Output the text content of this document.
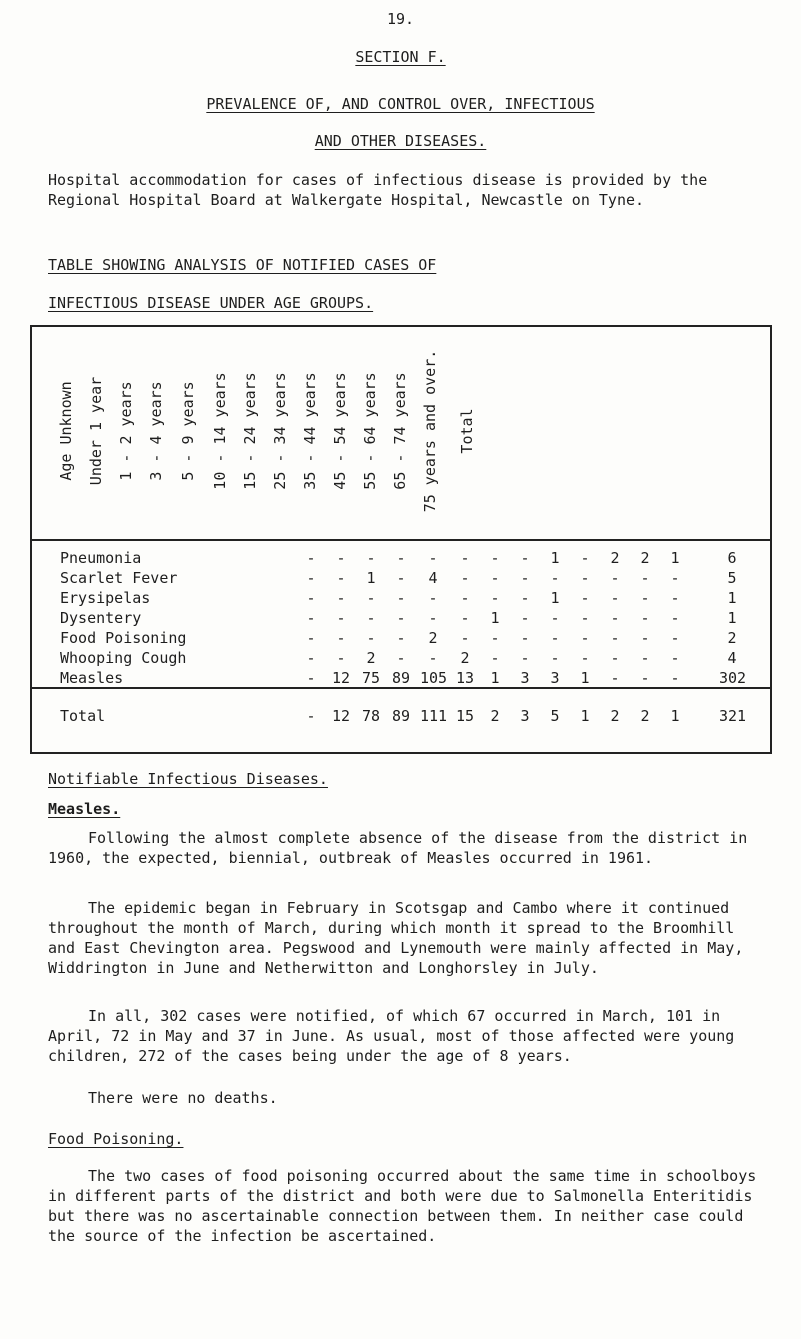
19.
SECTION F.
PREVALENCE OF, AND CONTROL OVER, INFECTIOUS
AND OTHER DISEASES.
Hospital accommodation for cases of infectious disease is provided by the Regional Hospital Board at Walkergate Hospital, Newcastle on Tyne.
TABLE SHOWING ANALYSIS OF NOTIFIED CASES OF
INFECTIOUS DISEASE UNDER AGE GROUPS.
Age Unknown Under 1 year 1 - 2 years 3 - 4 years 5 - 9 years 10 - 14 years 15 - 24 years 25 - 34 years 35 - 44 years 45 - 54 years 55 - 64 years 65 - 74 years 75 years and over. Total
Pneumonia	-	-	-	-	-	-	-	-	1	-	2	2	1	6
Scarlet Fever	-	-	1	-	4	-	-	-	-	-	-	-	-	5
Erysipelas	-	-	-	-	-	-	-	-	1	-	-	-	-	1
Dysentery	-	-	-	-	-	-	1	-	-	-	-	-	-	1
Food Poisoning	-	-	-	-	2	-	-	-	-	-	-	-	-	2
Whooping Cough	-	-	2	-	-	2	-	-	-	-	-	-	-	4
Measles	-	12 75 89 105 13	1	3	3	1	-	-	-	302
Total	-	12 78 89 111 15	2	3	5	1	2	2	1	321
Notifiable Infectious Diseases.
Measles.
Following the almost complete absence of the disease from the district in 1960, the expected, biennial, outbreak of Measles occurred in 1961.
The epidemic began in February in Scotsgap and Cambo where it continued throughout the month of March, during which month it spread to the Broomhill and East Chevington area. Pegswood and Lynemouth were mainly affected in May, Widdrington in June and Netherwitton and Longhorsley in July.
In all, 302 cases were notified, of which 67 occurred in March, 101 in April, 72 in May and 37 in June. As usual, most of those affected were young children, 272 of the cases being under the age of 8 years.
There were no deaths.
Food Poisoning.
The two cases of food poisoning occurred about the same time in schoolboys in different parts of the district and both were due to Salmonella Enteritidis but there was no ascertainable connection between them. In neither case could the source of the infection be ascertained.
